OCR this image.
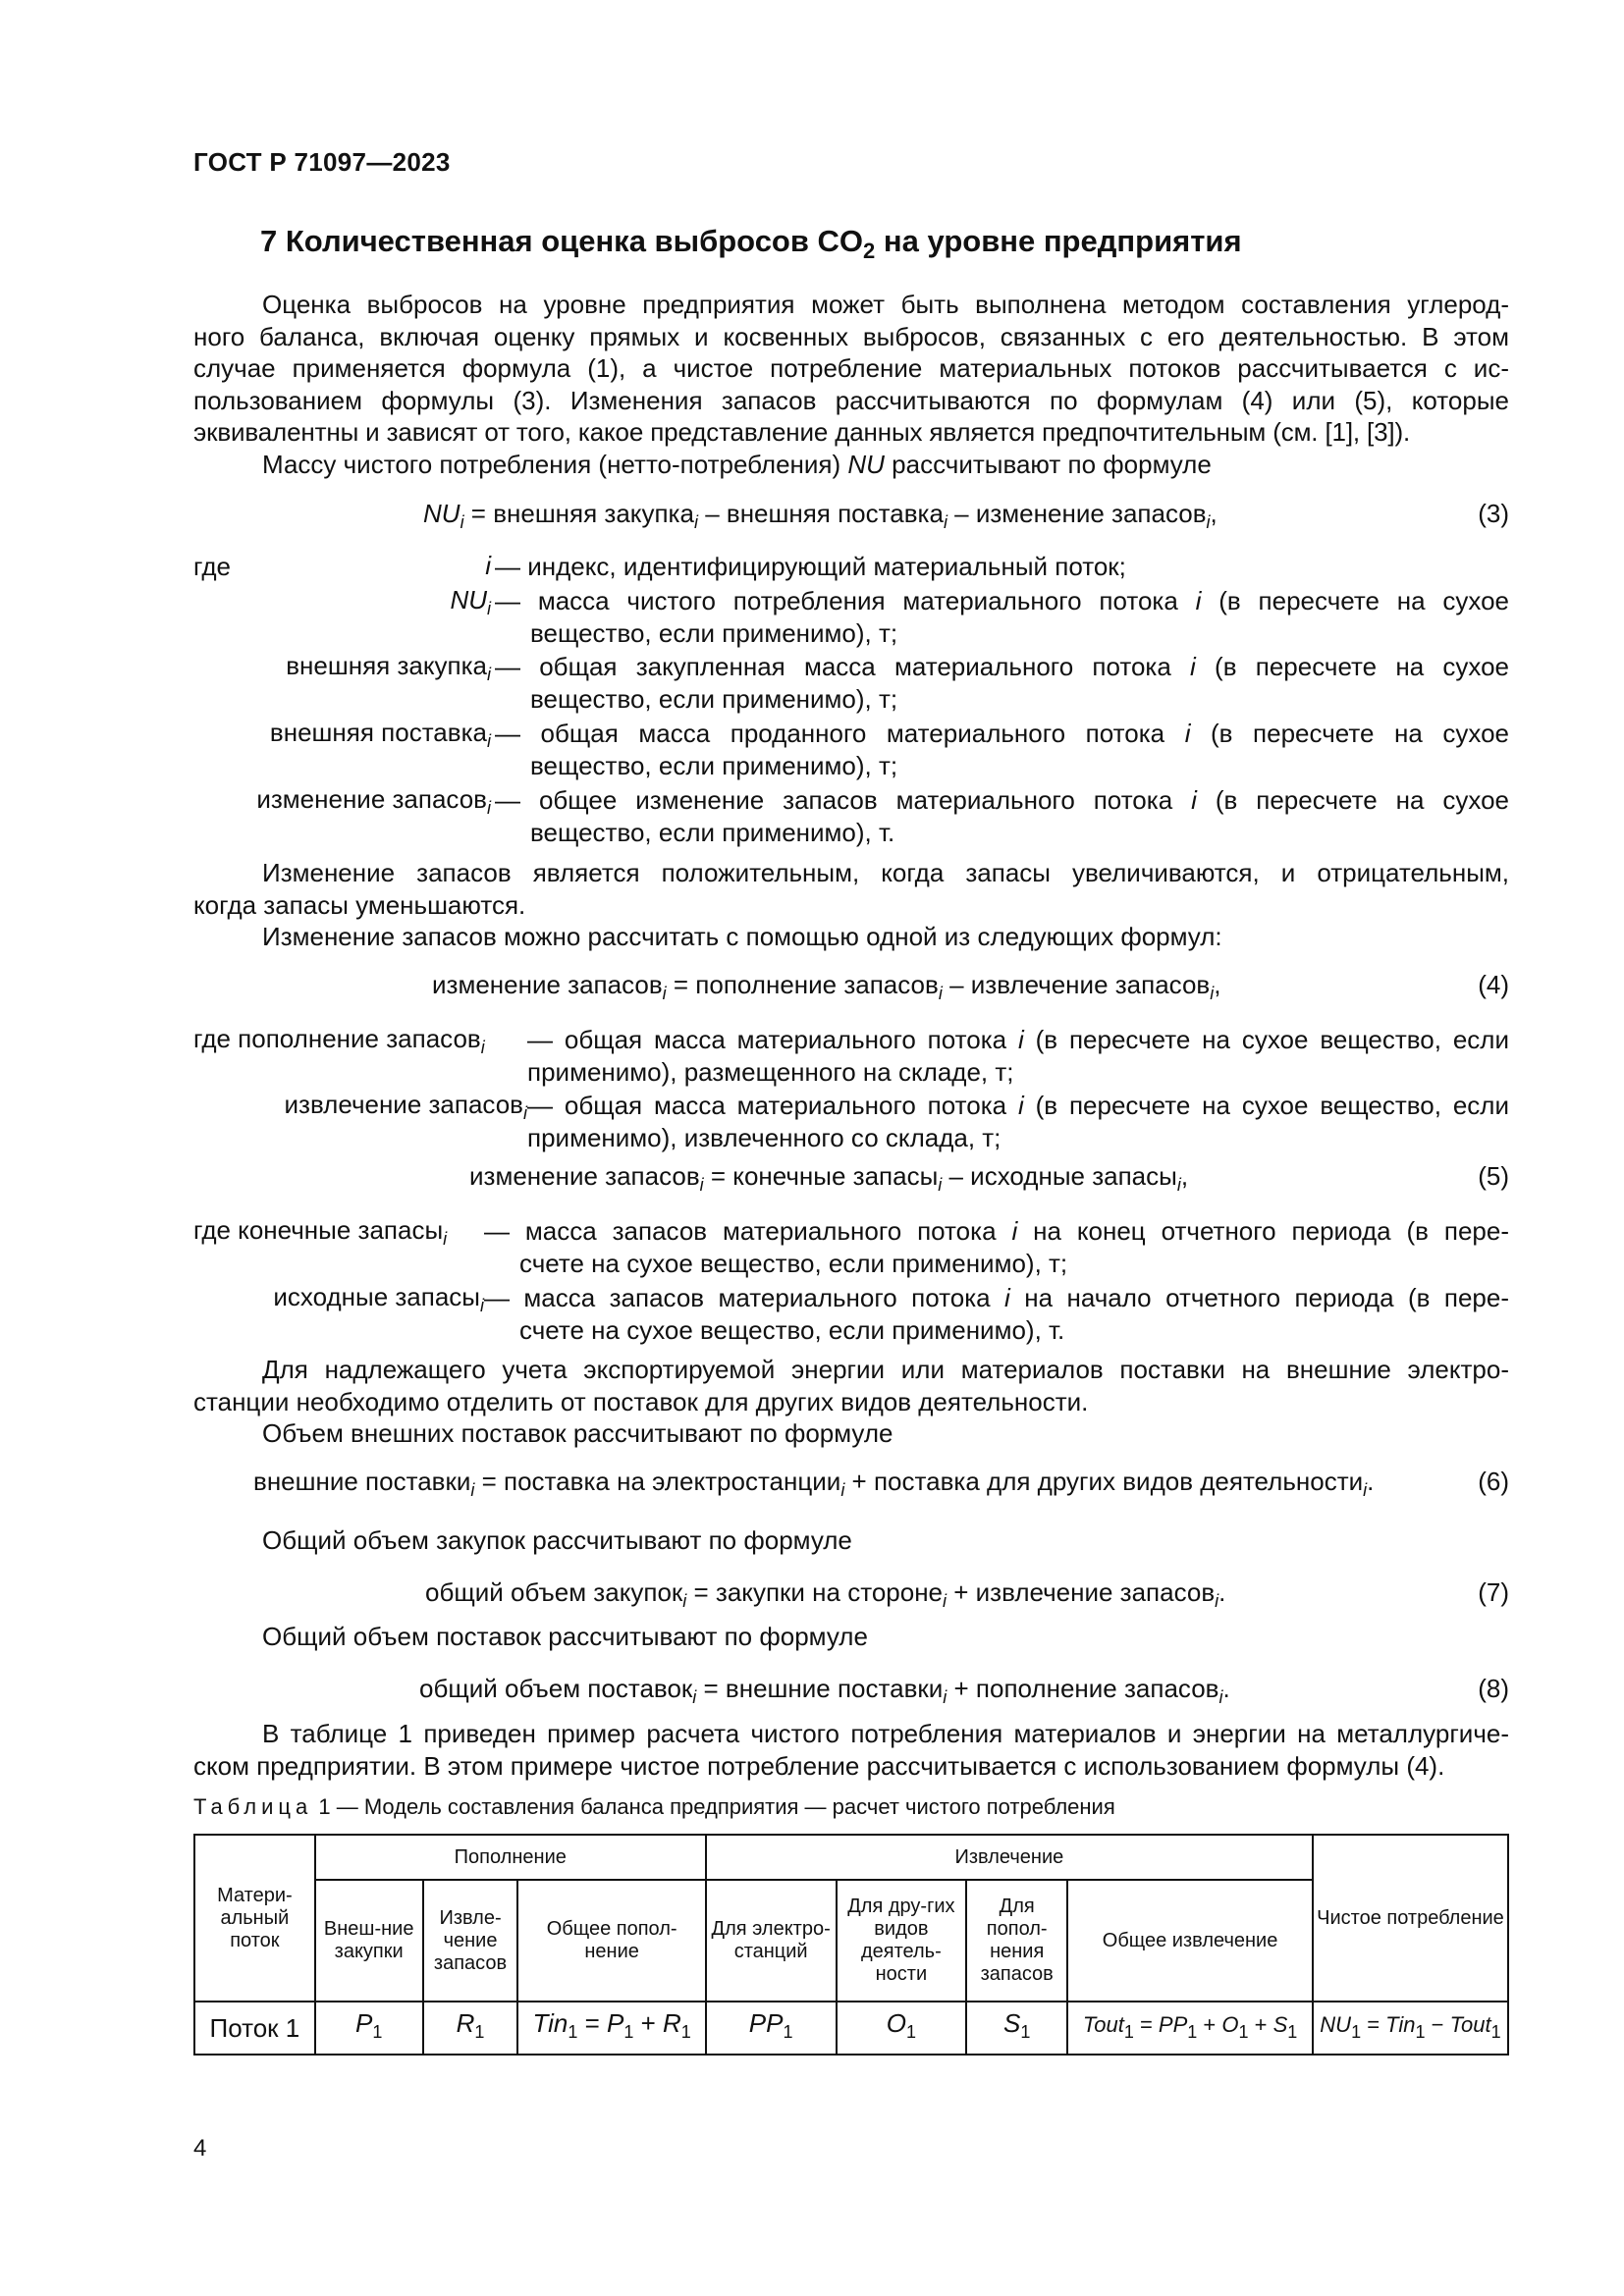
ГОСТ Р 71097—2023
7 Количественная оценка выбросов $CO_2$ на уровне предприятия

Оценка выбросов на уровне предприятия может быть выполнена методом составления углерод-

ного баланса, включая оценку прямых и косвенных выбросов, связанных с его деятельностью. В этом

случае применяется формула (1), а чистое потребление материальных потоков рассчитывается с ис-

пользованием формулы (3). Изменения запасов рассчитываются по формулам (4) или (5), которые

эквивалентны и зависят от того, какое представление данных является предпочтительным (см. [1], [3]).

Массу чистого потребления (нетто-потребления) NU рассчитывают по формуле

$NU_i$ = внешняя закупка$_i$ – внешняя поставка$_i$ – изменение запасов$_i$,	(3)
где	i — индекс, идентифицирующий материальный поток;
$NU_i$ — масса чистого потребления материального потока i (в пересчете на сухое
вещество, если применимо), т;
внешняя закупка$_i$ — общая закупленная масса материального потока i (в пересчете на сухое
вещество, если применимо), т;
внешняя поставка$_i$ — общая масса проданного материального потока i (в пересчете на сухое
вещество, если применимо), т;
изменение запасов$_i$ — общее изменение запасов материального потока i (в пересчете на сухое
вещество, если применимо), т.

Изменение запасов является положительным, когда запасы увеличиваются, и отрицательным,

когда запасы уменьшаются.

Изменение запасов можно рассчитать с помощью одной из следующих формул:

изменение запасов$_i$ = пополнение запасов$_i$ – извлечение запасов$_i$,	(4)
где пополнение запасов$_i$ — общая масса материального потока i (в пересчете на сухое вещество, если
применимо), размещенного на складе, т;
извлечение запасов$_i$ — общая масса материального потока i (в пересчете на сухое вещество, если
применимо), извлеченного со склада, т;
изменение запасов$_i$ = конечные запасы$_i$ – исходные запасы$_i$,	(5)
где конечные запасы$_i$ — масса запасов материального потока i на конец отчетного периода (в пере-
счете на сухое вещество, если применимо), т;
исходные запасы$_i$ — масса запасов материального потока i на начало отчетного периода (в пере-
счете на сухое вещество, если применимо), т.

Для надлежащего учета экспортируемой энергии или материалов поставки на внешние электро-

станции необходимо отделить от поставок для других видов деятельности.

Объем внешних поставок рассчитывают по формуле

внешние поставки$_i$ = поставка на электростанции$_i$ + поставка для других видов деятельности$_i$.	(6)

Общий объем закупок рассчитывают по формуле

общий объем закупок$_i$ = закупки на стороне$_i$ + извлечение запасов$_i$.	(7)

Общий объем поставок рассчитывают по формуле

общий объем поставок$_i$ = внешние поставки$_i$ + пополнение запасов$_i$.	(8)

В таблице 1 приведен пример расчета чистого потребления материалов и энергии на металлургиче-

ском предприятии. В этом примере чистое потребление рассчитывается с использованием формулы (4).

Таблица 1 — Модель составления баланса предприятия — расчет чистого потребления
Матери-альный поток	Пополнение			Извлечение				Чистое потребление
	Внеш-ние закупки	Извле-чение запасов	Общее попол-нение	Для электро-станций	Для дру-гих видов деятель-ности	Для попол-нения запасов	Общее извлечение	
Поток 1	$P_1$	$R_1$	$Tin_1 = P_1 + R_1$	$PP_1$	$O_1$	$S_1$	Tout$_1$ = $PP_1 + O_1 + S_1$	$NU_1 = Tin_1$ − Tout$_1$
4
